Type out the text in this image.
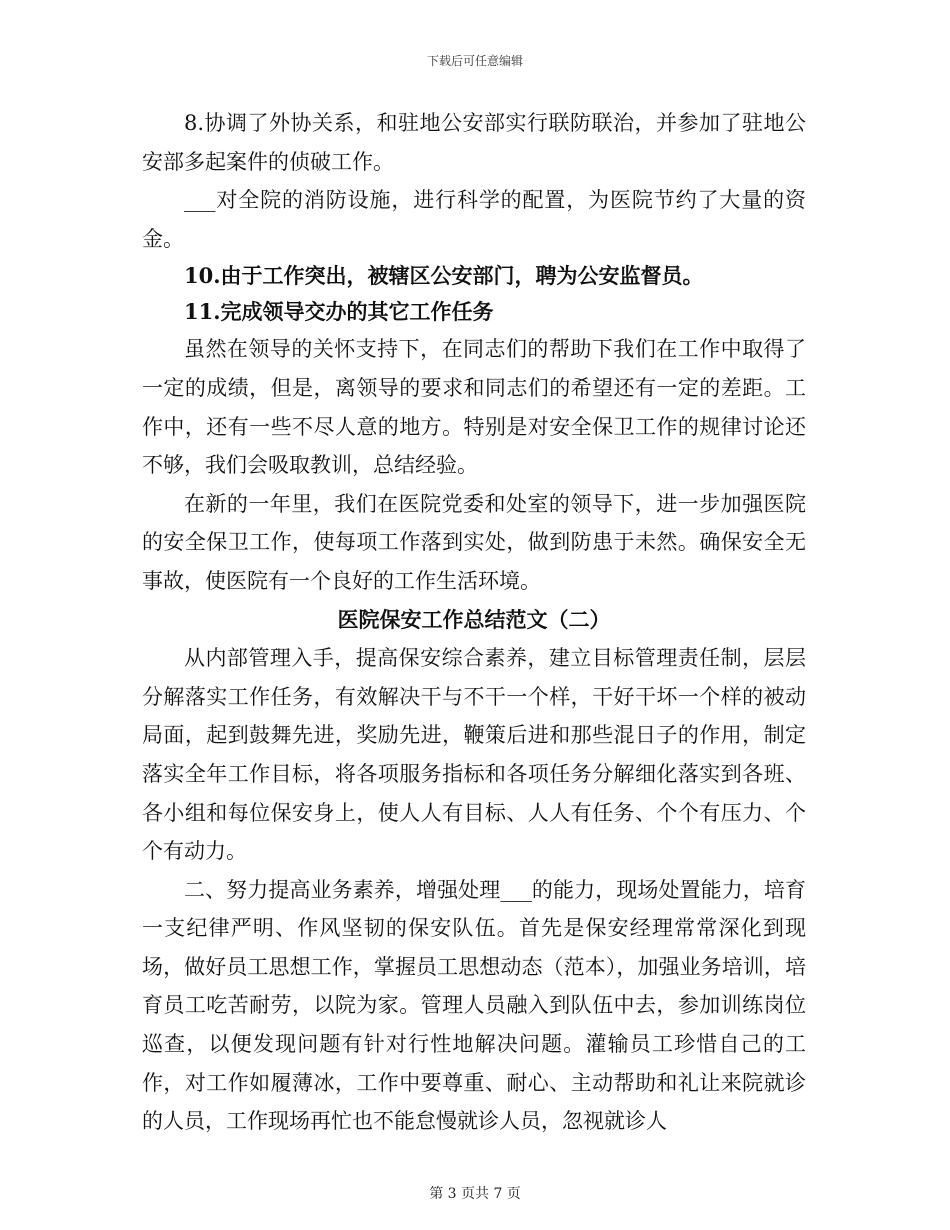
下载后可任意编辑

8.协调了外协关系，和驻地公安部实行联防联治，并参加了驻地公安部多起案件的侦破工作。

___对全院的消防设施，进行科学的配置，为医院节约了大量的资金。

10.由于工作突出，被辖区公安部门，聘为公安监督员。

11.完成领导交办的其它工作任务

虽然在领导的关怀支持下，在同志们的帮助下我们在工作中取得了一定的成绩，但是，离领导的要求和同志们的希望还有一定的差距。工作中，还有一些不尽人意的地方。特别是对安全保卫工作的规律讨论还不够，我们会吸取教训，总结经验。

在新的一年里，我们在医院党委和处室的领导下，进一步加强医院的安全保卫工作，使每项工作落到实处，做到防患于未然。确保安全无事故，使医院有一个良好的工作生活环境。

医院保安工作总结范文（二）

从内部管理入手，提高保安综合素养，建立目标管理责任制，层层分解落实工作任务，有效解决干与不干一个样，干好干坏一个样的被动局面，起到鼓舞先进，奖励先进，鞭策后进和那些混日子的作用，制定落实全年工作目标，将各项服务指标和各项任务分解细化落实到各班、各小组和每位保安身上，使人人有目标、人人有任务、个个有压力、个个有动力。

二、努力提高业务素养，增强处理___的能力，现场处置能力，培育一支纪律严明、作风坚韧的保安队伍。首先是保安经理常常深化到现场，做好员工思想工作，掌握员工思想动态（范本），加强业务培训，培育员工吃苦耐劳，以院为家。管理人员融入到队伍中去，参加训练岗位巡查，以便发现问题有针对行性地解决问题。灌输员工珍惜自己的工作，对工作如履薄冰，工作中要尊重、耐心、主动帮助和礼让来院就诊的人员，工作现场再忙也不能怠慢就诊人员，忽视就诊人

第 3 页共 7 页
